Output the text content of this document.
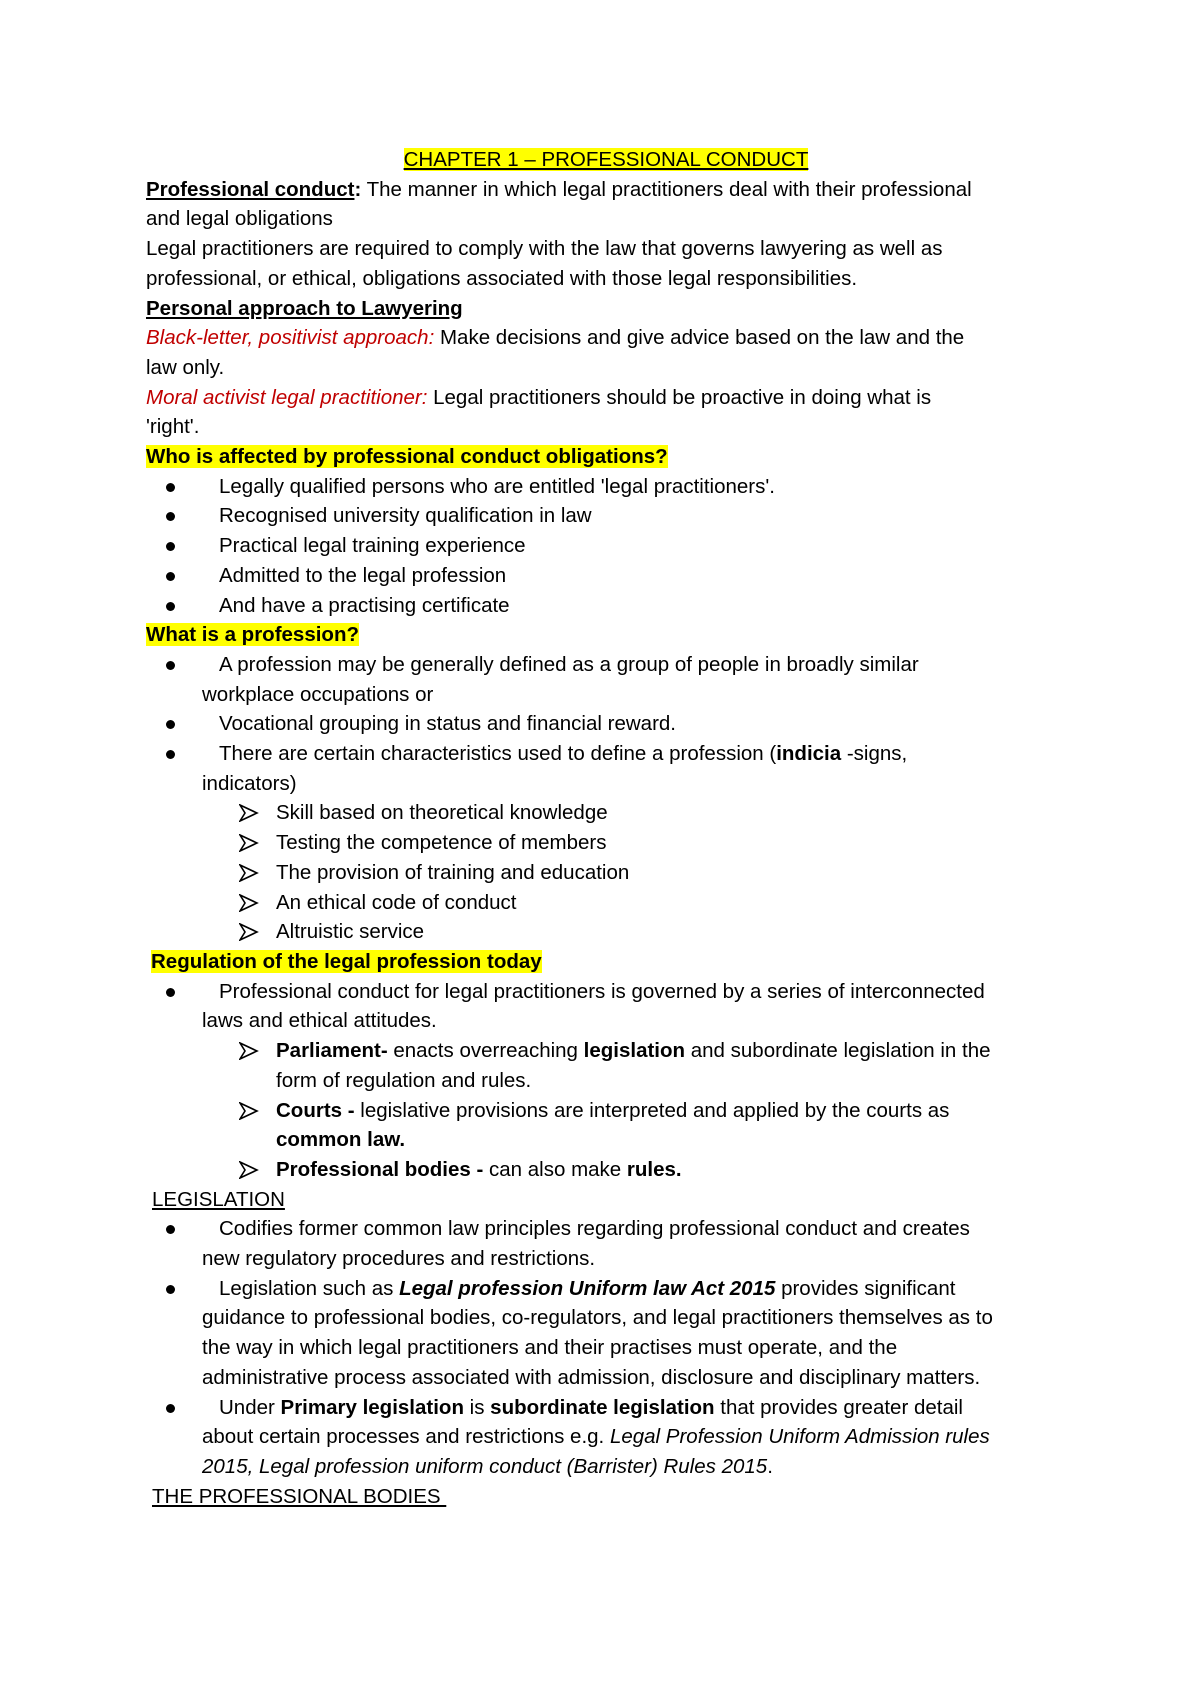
CHAPTER 1 – PROFESSIONAL CONDUCT
Professional conduct: The manner in which legal practitioners deal with their professional
and legal obligations
Legal practitioners are required to comply with the law that governs lawyering as well as
professional, or ethical, obligations associated with those legal responsibilities.
Personal approach to Lawyering
Black-letter, positivist approach: Make decisions and give advice based on the law and the
law only.
Moral activist legal practitioner: Legal practitioners should be proactive in doing what is
'right'.
Who is affected by professional conduct obligations?
Legally qualified persons who are entitled 'legal practitioners'.
Recognised university qualification in law
Practical legal training experience
Admitted to the legal profession
And have a practising certificate
What is a profession?
A profession may be generally defined as a group of people in broadly similar
workplace occupations or
Vocational grouping in status and financial reward.
There are certain characteristics used to define a profession (indicia -signs,
indicators)
Skill based on theoretical knowledge
Testing the competence of members
The provision of training and education
An ethical code of conduct
Altruistic service
Regulation of the legal profession today
Professional conduct for legal practitioners is governed by a series of interconnected
laws and ethical attitudes.
Parliament- enacts overreaching legislation and subordinate legislation in the
form of regulation and rules.
Courts - legislative provisions are interpreted and applied by the courts as
common law.
Professional bodies - can also make rules.
LEGISLATION
Codifies former common law principles regarding professional conduct and creates
new regulatory procedures and restrictions.
Legislation such as Legal profession Uniform law Act 2015 provides significant
guidance to professional bodies, co-regulators, and legal practitioners themselves as to
the way in which legal practitioners and their practises must operate, and the
administrative process associated with admission, disclosure and disciplinary matters.
Under Primary legislation is subordinate legislation that provides greater detail
about certain processes and restrictions e.g. Legal Profession Uniform Admission rules
2015, Legal profession uniform conduct (Barrister) Rules 2015.
THE PROFESSIONAL BODIES
